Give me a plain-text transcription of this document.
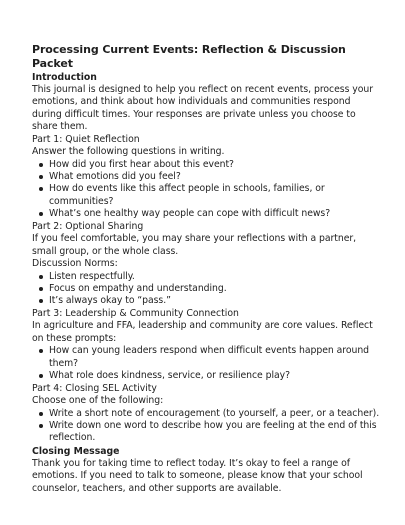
Processing Current Events: Reflection & Discussion Packet
Introduction

This journal is designed to help you reflect on recent events, process your emotions, and think about how individuals and communities respond during difficult times. Your responses are private unless you choose to share them.

Part 1: Quiet Reflection

Answer the following questions in writing.

How did you first hear about this event?
What emotions did you feel?
How do events like this affect people in schools, families, or communities?
What’s one healthy way people can cope with difficult news?
Part 2: Optional Sharing

If you feel comfortable, you may share your reflections with a partner, small group, or the whole class.

Discussion Norms:
Listen respectfully.
Focus on empathy and understanding.
It’s always okay to “pass.”
Part 3: Leadership & Community Connection

In agriculture and FFA, leadership and community are core values. Reflect on these prompts:

How can young leaders respond when difficult events happen around them?
What role does kindness, service, or resilience play?
Part 4: Closing SEL Activity

Choose one of the following:

Write a short note of encouragement (to yourself, a peer, or a teacher).
Write down one word to describe how you are feeling at the end of this reflection.
Closing Message

Thank you for taking time to reflect today. It’s okay to feel a range of emotions. If you need to talk to someone, please know that your school counselor, teachers, and other supports are available.
